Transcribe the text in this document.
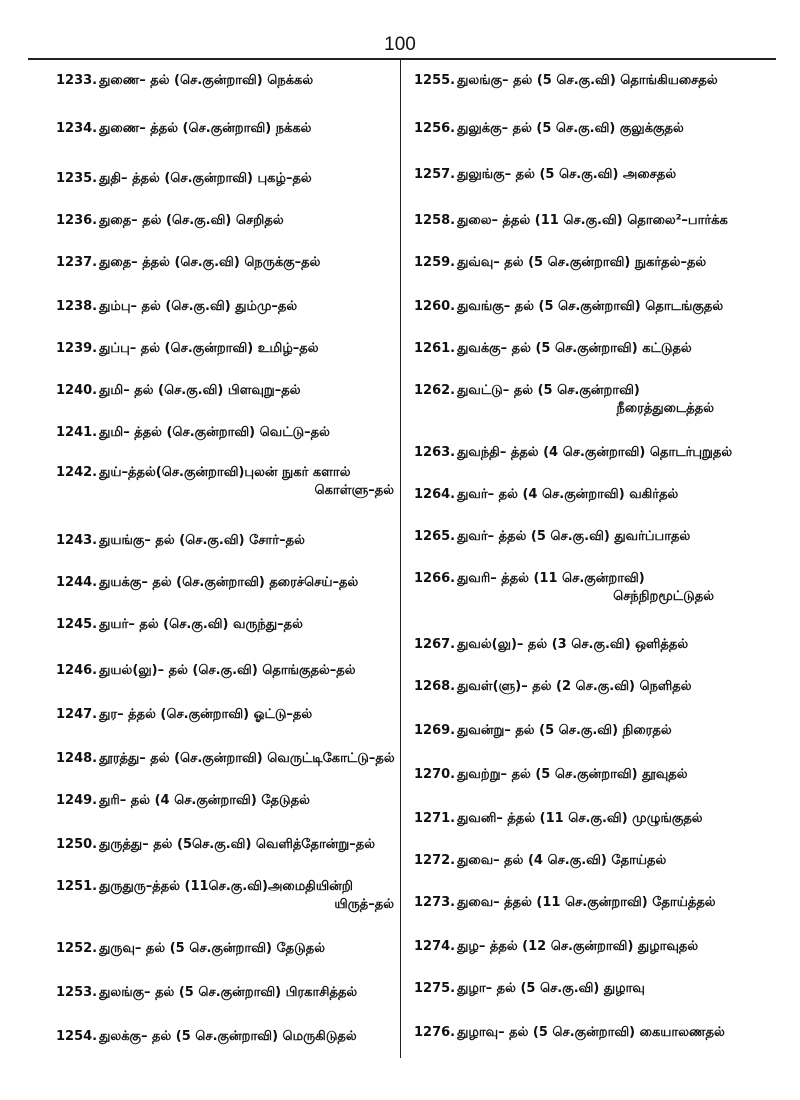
100
1233. துணை– தல் (செ.குன்றாவி) நெக்கல்
1234. துணை– த்தல் (செ.குன்றாவி) நக்கல்
1235. துதி– த்தல் (செ.குன்றாவி) புகழ்–தல்
1236. துதை– தல் (செ.கு.வி) செறிதல்
1237. துதை– த்தல் (செ.கு.வி) நெருக்கு–தல்
1238. தும்பு– தல் (செ.கு.வி) தும்மு–தல்
1239. துப்பு– தல் (செ.குன்றாவி) உமிழ்–தல்
1240. துமி– தல் (செ.கு.வி) பிளவுறு–தல்
1241. துமி– த்தல் (செ.குன்றாவி) வெட்டு–தல்
1242. துய்–த்தல்(செ.குன்றாவி)புலன் நுகர் களால்
கொள்ளு–தல்
1243. துயங்கு– தல் (செ.கு.வி) சோர்–தல்
1244. துயக்கு– தல் (செ.குன்றாவி) தரைச்செய்–தல்
1245. துயர்– தல் (செ.கு.வி) வருந்து–தல்
1246. துயல்(லு)– தல் (செ.கு.வி) தொங்குதல்–தல்
1247. துர– த்தல் (செ.குன்றாவி) ஓட்டு–தல்
1248. தூரத்து– தல் (செ.குன்றாவி) வெருட்டிகோட்டு–தல்
1249. துரி– தல் (4 செ.குன்றாவி) தேடுதல்
1250. துருத்து– தல் (5செ.கு.வி) வெளித்தோன்று–தல்
1251. துருதுரு–த்தல் (11செ.கு.வி)அமைதியின்றி
யிருத்–தல்
1252. துருவு– தல் (5 செ.குன்றாவி) தேடுதல்
1253. துலங்கு– தல் (5 செ.குன்றாவி) பிரகாசித்தல்
1254. துலக்கு– தல் (5 செ.குன்றாவி) மெருகிடுதல்
1255. துலங்கு– தல் (5 செ.கு.வி) தொங்கியசைதல்
1256. துலுக்கு– தல் (5 செ.கு.வி) குலுக்குதல்
1257. துலுங்கு– தல் (5 செ.கு.வி) அசைதல்
1258. துலை– த்தல் (11 செ.கு.வி) தொலை²–பார்க்க
1259. துவ்வு– தல் (5 செ.குன்றாவி) நுகர்தல்–தல்
1260. துவங்கு– தல் (5 செ.குன்றாவி) தொடங்குதல்
1261. துவக்கு– தல் (5 செ.குன்றாவி) கட்டுதல்
1262. துவட்டு– தல் (5 செ.குன்றாவி)
நீரைத்துடைத்தல்
1263. துவந்தி– த்தல் (4 செ.குன்றாவி) தொடர்புறுதல்
1264. துவர்– தல் (4 செ.குன்றாவி) வகிர்தல்
1265. துவர்– த்தல் (5 செ.கு.வி) துவர்ப்பாதல்
1266. துவரி– த்தல் (11 செ.குன்றாவி)
செந்நிறமூட்டுதல்
1267. துவல்(லு)– தல் (3 செ.கு.வி) ஒளித்தல்
1268. துவள்(ளு)– தல் (2 செ.கு.வி) நெளிதல்
1269. துவன்று– தல் (5 செ.கு.வி) நிரைதல்
1270. துவற்று– தல் (5 செ.குன்றாவி) தூவுதல்
1271. துவனி– த்தல் (11 செ.கு.வி) முழுங்குதல்
1272. துவை– தல் (4 செ.கு.வி) தோய்தல்
1273. துவை– த்தல் (11 செ.குன்றாவி) தோய்த்தல்
1274. துழ– த்தல் (12 செ.குன்றாவி) துழாவுதல்
1275. துழா– தல் (5 செ.கு.வி) துழாவு
1276. துழாவு– தல் (5 செ.குன்றாவி) கையாலணதல்
